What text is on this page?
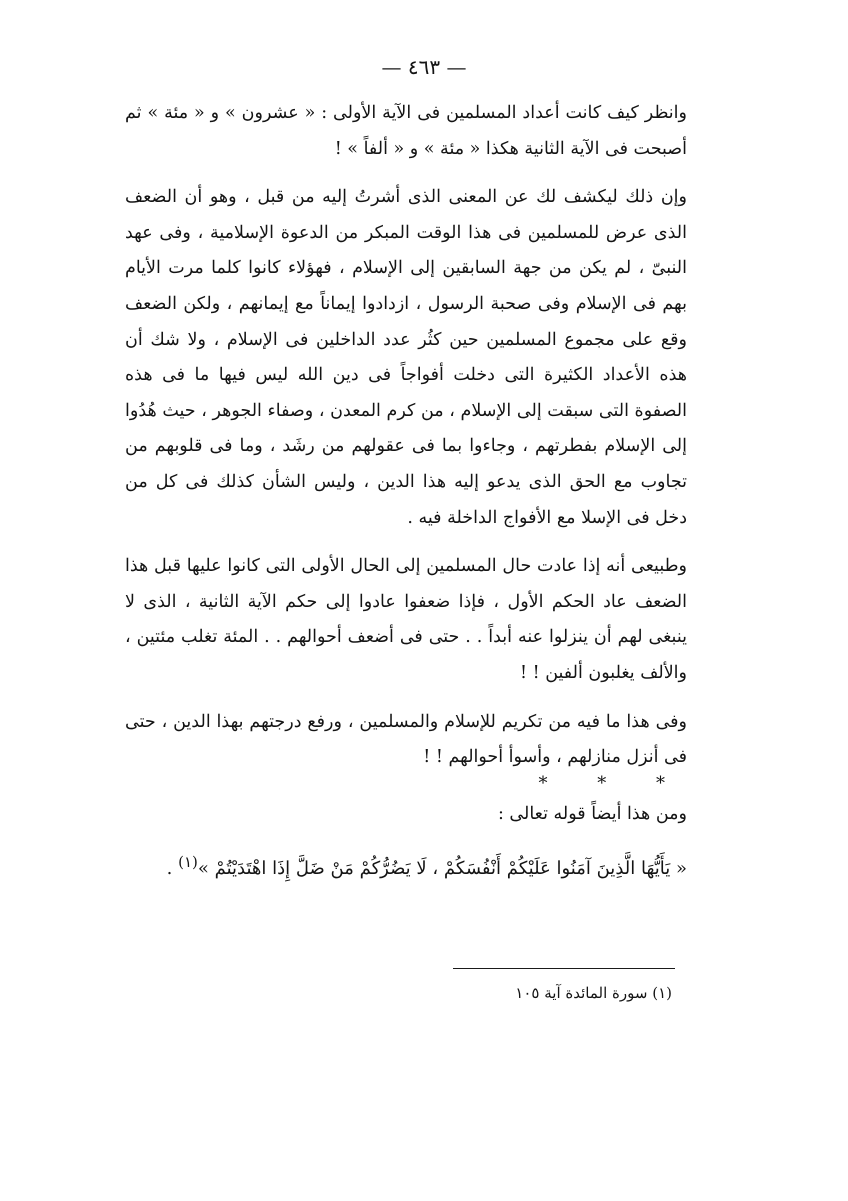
— ٤٦٣ —

وانظر كيف كانت أعداد المسلمين فى الآية الأولى : « عشرون » و « مئة » ثم أصبحت فى الآية الثانية هكذا « مئة » و « ألفاً » !

وإن ذلك ليكشف لك عن المعنى الذى أشرتُ إليه من قبل ، وهو أن الضعف الذى عرض للمسلمين فى هذا الوقت المبكر من الدعوة الإسلامية ، وفى عهد النبىّ ، لم يكن من جهة السابقين إلى الإسلام ، فهؤلاء كانوا كلما مرت الأيام بهم فى الإسلام وفى صحبة الرسول ، ازدادوا إيماناً مع إيمانهم ، ولكن الضعف وقع على مجموع المسلمين حين كثُر عدد الداخلين فى الإسلام ، ولا شك أن هذه الأعداد الكثيرة التى دخلت أفواجاً فى دين الله ليس فيها ما فى هذه الصفوة التى سبقت إلى الإسلام ، من كرم المعدن ، وصفاء الجوهر ، حيث هُدُوا إلى الإسلام بفطرتهم ، وجاءوا بما فى عقولهم من رشَد ، وما فى قلوبهم من تجاوب مع الحق الذى يدعو إليه هذا الدين ، وليس الشأن كذلك فى كل من دخل فى الإسلا مع الأفواج الداخلة فيه .

وطبيعى أنه إذا عادت حال المسلمين إلى الحال الأولى التى كانوا عليها قبل هذا الضعف عاد الحكم الأول ، فإذا ضعفوا عادوا إلى حكم الآية الثانية ، الذى لا ينبغى لهم أن ينزلوا عنه أبداً . . حتى فى أضعف أحوالهم . . المئة تغلب مئتين ، والألف يغلبون ألفين ! !

وفى هذا ما فيه من تكريم للإسلام والمسلمين ، ورفع درجتهم بهذا الدين ، حتى فى أنزل منازلهم ، وأسوأ أحوالهم ! !

* * *

ومن هذا أيضاً قوله تعالى :

« يَأَيُّهَا الَّذِينَ آمَنُوا عَلَيْكُمْ أَنْفُسَكُمْ ، لَا يَضُرُّكُمْ مَنْ ضَلَّ إِذَا اهْتَدَيْتُمْ »$^{(١)}$ .

(١) سورة المائدة آية ١٠٥
